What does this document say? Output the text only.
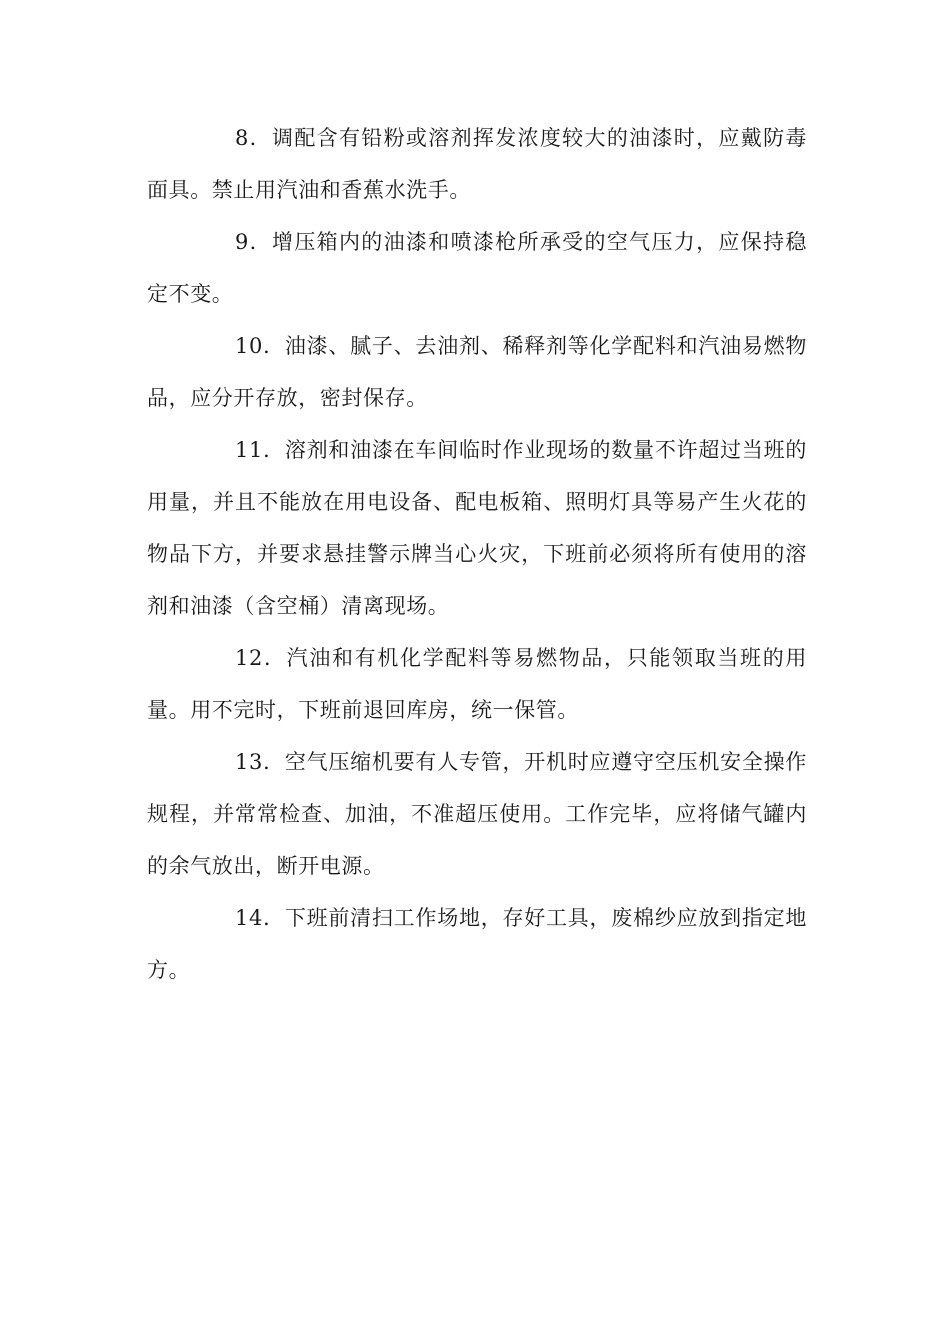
8．调配含有铅粉或溶剂挥发浓度较大的油漆时，应戴防毒面具。禁止用汽油和香蕉水洗手。

9．增压箱内的油漆和喷漆枪所承受的空气压力，应保持稳定不变。

10．油漆、腻子、去油剂、稀释剂等化学配料和汽油易燃物品，应分开存放，密封保存。

11．溶剂和油漆在车间临时作业现场的数量不许超过当班的用量，并且不能放在用电设备、配电板箱、照明灯具等易产生火花的物品下方，并要求悬挂警示牌当心火灾，下班前必须将所有使用的溶剂和油漆（含空桶）清离现场。

12．汽油和有机化学配料等易燃物品，只能领取当班的用量。用不完时，下班前退回库房，统一保管。

13．空气压缩机要有人专管，开机时应遵守空压机安全操作规程，并常常检查、加油，不准超压使用。工作完毕，应将储气罐内的余气放出，断开电源。

14．下班前清扫工作场地，存好工具，废棉纱应放到指定地方。
